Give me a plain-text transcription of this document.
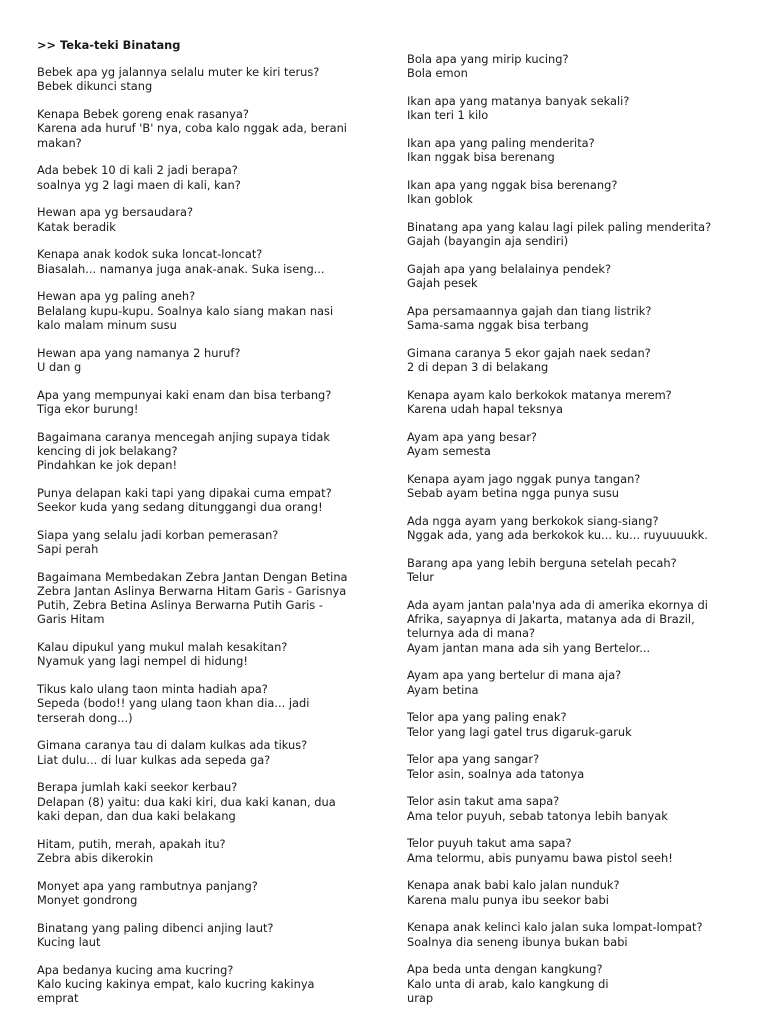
>> Teka-teki Binatang

Bebek apa yg jalannya selalu muter ke kiri terus?

Bebek dikunci stang

Kenapa Bebek goreng enak rasanya?

Karena ada huruf 'B' nya, coba kalo nggak ada, berani
makan?

Ada bebek 10 di kali 2 jadi berapa?

soalnya yg 2 lagi maen di kali, kan?

Hewan apa yg bersaudara?

Katak beradik

Kenapa anak kodok suka loncat-loncat?

Biasalah... namanya juga anak-anak. Suka iseng...

Hewan apa yg paling aneh?

Belalang kupu-kupu. Soalnya kalo siang makan nasi
kalo malam minum susu

Hewan apa yang namanya 2 huruf?

U dan g

Apa yang mempunyai kaki enam dan bisa terbang?

Tiga ekor burung!

Bagaimana caranya mencegah anjing supaya tidak
kencing di jok belakang?

Pindahkan ke jok depan!

Punya delapan kaki tapi yang dipakai cuma empat?

Seekor kuda yang sedang ditunggangi dua orang!

Siapa yang selalu jadi korban pemerasan?

Sapi perah

Bagaimana Membedakan Zebra Jantan Dengan Betina

Zebra Jantan Aslinya Berwarna Hitam Garis - Garisnya
Putih, Zebra Betina Aslinya Berwarna Putih Garis -
Garis Hitam

Kalau dipukul yang mukul malah kesakitan?

Nyamuk yang lagi nempel di hidung!

Tikus kalo ulang taon minta hadiah apa?

Sepeda (bodo!! yang ulang taon khan dia... jadi
terserah dong...)

Gimana caranya tau di dalam kulkas ada tikus?

Liat dulu... di luar kulkas ada sepeda ga?

Berapa jumlah kaki seekor kerbau?

Delapan (8) yaitu: dua kaki kiri, dua kaki kanan, dua
kaki depan, dan dua kaki belakang

Hitam, putih, merah, apakah itu?

Zebra abis dikerokin

Monyet apa yang rambutnya panjang?

Monyet gondrong

Binatang yang paling dibenci anjing laut?

Kucing laut

Apa bedanya kucing ama kucring?

Kalo kucing kakinya empat, kalo kucring kakinya
emprat

Bola apa yang mirip kucing?

Bola emon

Ikan apa yang matanya banyak sekali?

Ikan teri 1 kilo

Ikan apa yang paling menderita?

Ikan nggak bisa berenang

Ikan apa yang nggak bisa berenang?

Ikan goblok

Binatang apa yang kalau lagi pilek paling menderita?

Gajah (bayangin aja sendiri)

Gajah apa yang belalainya pendek?

Gajah pesek

Apa persamaannya gajah dan tiang listrik?

Sama-sama nggak bisa terbang

Gimana caranya 5 ekor gajah naek sedan?

2 di depan 3 di belakang

Kenapa ayam kalo berkokok matanya merem?

Karena udah hapal teksnya

Ayam apa yang besar?

Ayam semesta

Kenapa ayam jago nggak punya tangan?

Sebab ayam betina ngga punya susu

Ada ngga ayam yang berkokok siang-siang?

Nggak ada, yang ada berkokok ku... ku... ruyuuuukk.

Barang apa yang lebih berguna setelah pecah?

Telur

Ada ayam jantan pala'nya ada di amerika ekornya di
Afrika, sayapnya di Jakarta, matanya ada di Brazil,
telurnya ada di mana?

Ayam jantan mana ada sih yang Bertelor...

Ayam apa yang bertelur di mana aja?

Ayam betina

Telor apa yang paling enak?

Telor yang lagi gatel trus digaruk-garuk

Telor apa yang sangar?

Telor asin, soalnya ada tatonya

Telor asin takut ama sapa?

Ama telor puyuh, sebab tatonya lebih banyak

Telor puyuh takut ama sapa?

Ama telormu, abis punyamu bawa pistol seeh!

Kenapa anak babi kalo jalan nunduk?

Karena malu punya ibu seekor babi

Kenapa anak kelinci kalo jalan suka lompat-lompat?

Soalnya dia seneng ibunya bukan babi

Apa beda unta dengan kangkung?

Kalo unta di arab, kalo kangkung di
urap
